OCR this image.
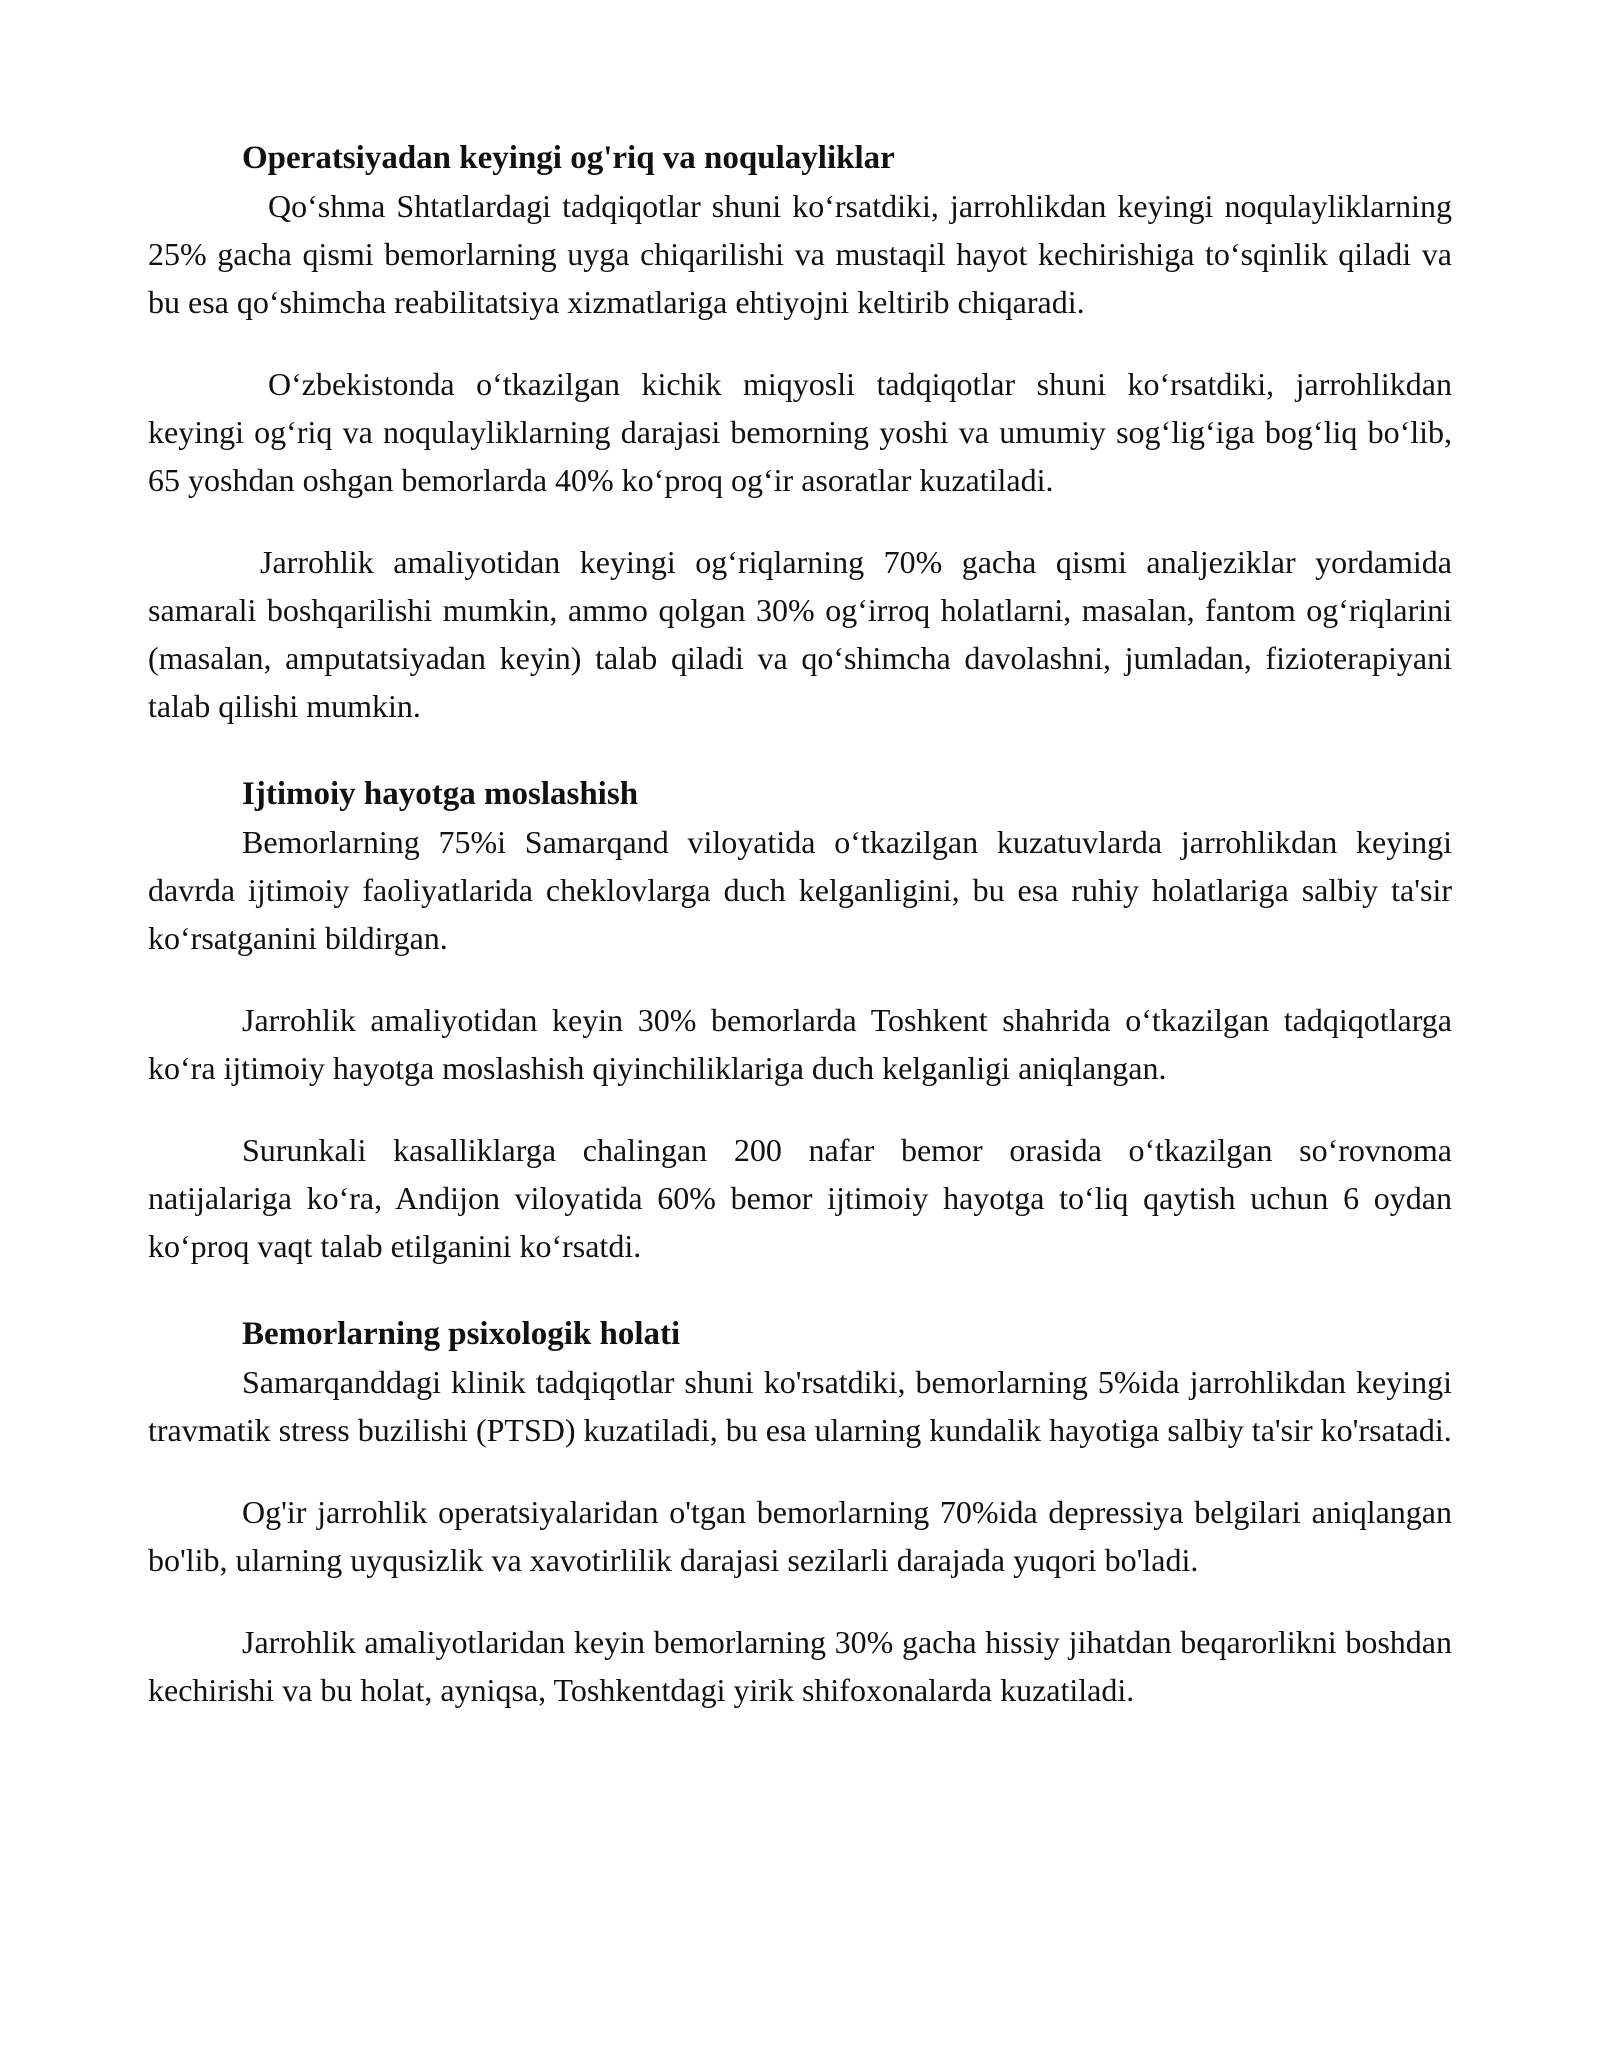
Operatsiyadan keyingi og'riq va noqulayliklar

Qo‘shma Shtatlardagi tadqiqotlar shuni ko‘rsatdiki, jarrohlikdan keyingi noqulayliklarning 25% gacha qismi bemorlarning uyga chiqarilishi va mustaqil hayot kechirishiga to‘sqinlik qiladi va bu esa qo‘shimcha reabilitatsiya xizmatlariga ehtiyojni keltirib chiqaradi.

O‘zbekistonda o‘tkazilgan kichik miqyosli tadqiqotlar shuni ko‘rsatdiki, jarrohlikdan keyingi og‘riq va noqulayliklarning darajasi bemorning yoshi va umumiy sog‘lig‘iga bog‘liq bo‘lib, 65 yoshdan oshgan bemorlarda 40% ko‘proq og‘ir asoratlar kuzatiladi.

Jarrohlik amaliyotidan keyingi og‘riqlarning 70% gacha qismi analjeziklar yordamida samarali boshqarilishi mumkin, ammo qolgan 30% og‘irroq holatlarni, masalan, fantom og‘riqlarini (masalan, amputatsiyadan keyin) talab qiladi va qo‘shimcha davolashni, jumladan, fizioterapiyani talab qilishi mumkin.

Ijtimoiy hayotga moslashish

Bemorlarning 75%i Samarqand viloyatida o‘tkazilgan kuzatuvlarda jarrohlikdan keyingi davrda ijtimoiy faoliyatlarida cheklovlarga duch kelganligini, bu esa ruhiy holatlariga salbiy ta'sir ko‘rsatganini bildirgan.

Jarrohlik amaliyotidan keyin 30% bemorlarda Toshkent shahrida o‘tkazilgan tadqiqotlarga ko‘ra ijtimoiy hayotga moslashish qiyinchiliklariga duch kelganligi aniqlangan.

Surunkali kasalliklarga chalingan 200 nafar bemor orasida o‘tkazilgan so‘rovnoma natijalariga ko‘ra, Andijon viloyatida 60% bemor ijtimoiy hayotga to‘liq qaytish uchun 6 oydan ko‘proq vaqt talab etilganini ko‘rsatdi.

Bemorlarning psixologik holati

Samarqanddagi klinik tadqiqotlar shuni ko'rsatdiki, bemorlarning 5%ida jarrohlikdan keyingi travmatik stress buzilishi (PTSD) kuzatiladi, bu esa ularning kundalik hayotiga salbiy ta'sir ko'rsatadi.

Og'ir jarrohlik operatsiyalaridan o'tgan bemorlarning 70%ida depressiya belgilari aniqlangan bo'lib, ularning uyqusizlik va xavotirlilik darajasi sezilarli darajada yuqori bo'ladi.

Jarrohlik amaliyotlaridan keyin bemorlarning 30% gacha hissiy jihatdan beqarorlikni boshdan kechirishi va bu holat, ayniqsa, Toshkentdagi yirik shifoxonalarda kuzatiladi.
